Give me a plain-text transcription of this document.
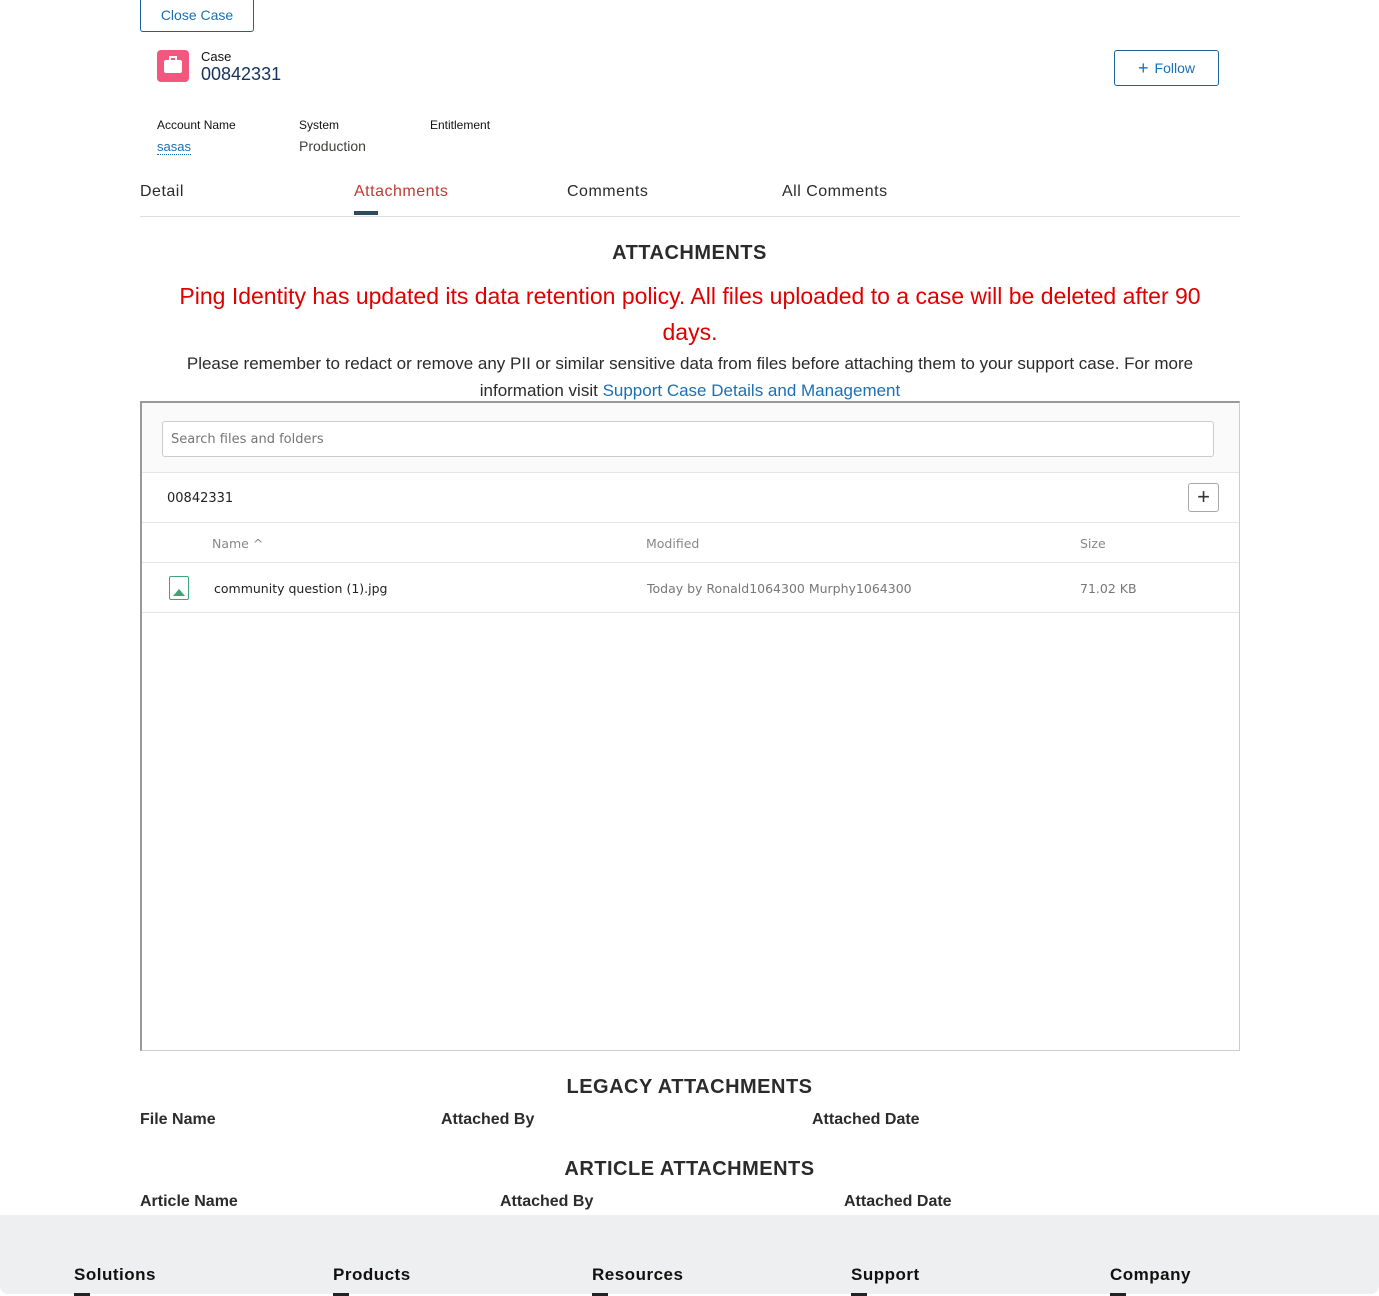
Close Case
Case
00842331	+ Follow
Account Name
sasas
System
Production
Entitlement
Detail	Attachments	Comments	All Comments
ATTACHMENTS
Ping Identity has updated its data retention policy. All files uploaded to a case will be deleted after 90 days.
Please remember to redact or remove any PII or similar sensitive data from files before attaching them to your support case. For more information visit Support Case Details and Management
Search files and folders
00842331	+
Name ^	Modified	Size
community question (1).jpg	Today by Ronald1064300 Murphy1064300	71.02 KB
LEGACY ATTACHMENTS
File Name	Attached By	Attached Date
ARTICLE ATTACHMENTS
Article Name	Attached By	Attached Date
Solutions	Products	Resources	Support	Company
